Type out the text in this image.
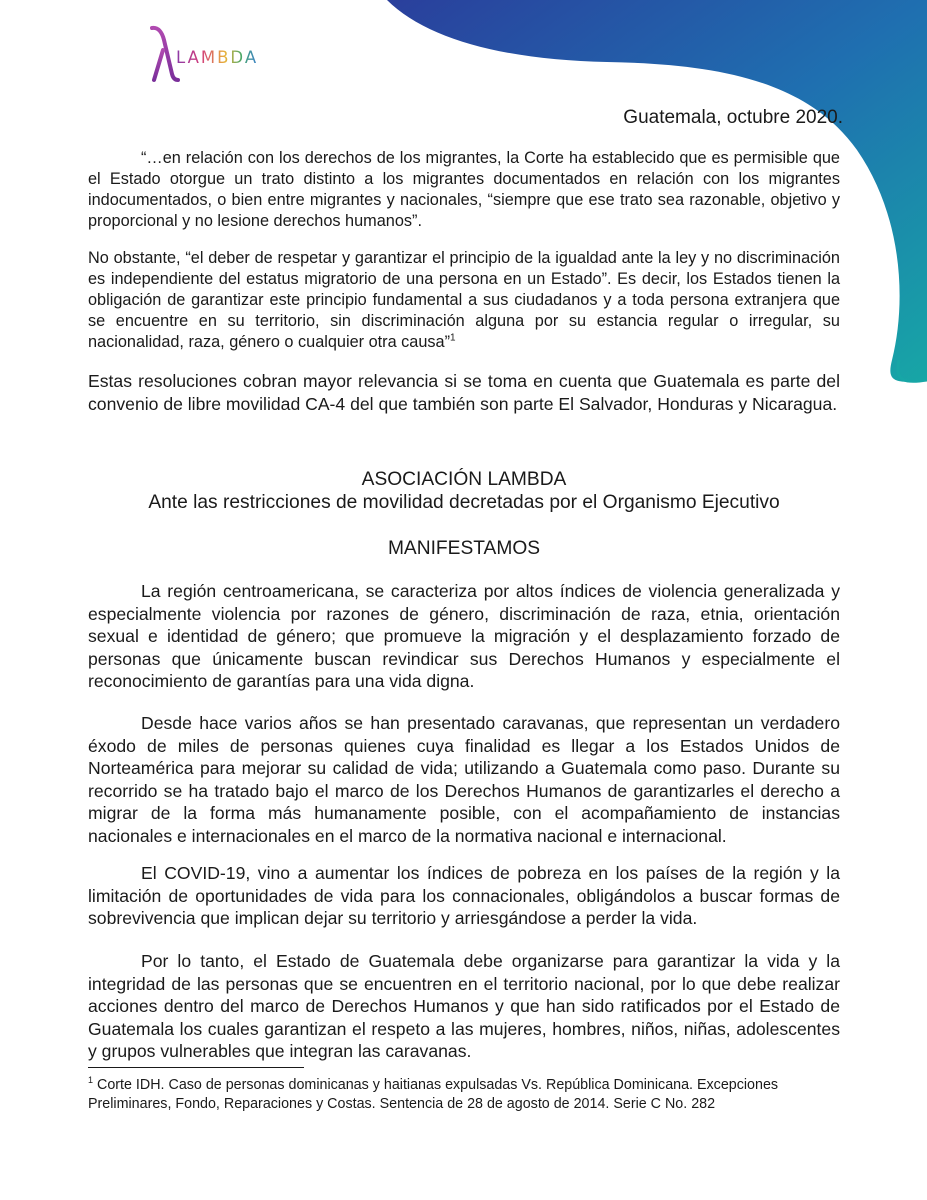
LAMBDA
Guatemala, octubre 2020.

“…en relación con los derechos de los migrantes, la Corte ha establecido que es permisible que el Estado otorgue un trato distinto a los migrantes documentados en relación con los migrantes indocumentados, o bien entre migrantes y nacionales, “siempre que ese trato sea razonable, objetivo y proporcional y no lesione derechos humanos”.

No obstante, “el deber de respetar y garantizar el principio de la igualdad ante la ley y no discriminación es independiente del estatus migratorio de una persona en un Estado”. Es decir, los Estados tienen la obligación de garantizar este principio fundamental a sus ciudadanos y a toda persona extranjera que se encuentre en su territorio, sin discriminación alguna por su estancia regular o irregular, su nacionalidad, raza, género o cualquier otra causa”$^1$

Estas resoluciones cobran mayor relevancia si se toma en cuenta que Guatemala es parte del convenio de libre movilidad CA-4 del que también son parte El Salvador, Honduras y Nicaragua.

ASOCIACIÓN LAMBDA
Ante las restricciones de movilidad decretadas por el Organismo Ejecutivo
MANIFESTAMOS

La región centroamericana, se caracteriza por altos índices de violencia generalizada y especialmente violencia por razones de género, discriminación de raza, etnia, orientación sexual e identidad de género; que promueve la migración y el desplazamiento forzado de personas que únicamente buscan revindicar sus Derechos Humanos y especialmente el reconocimiento de garantías para una vida digna.

Desde hace varios años se han presentado caravanas, que representan un verdadero éxodo de miles de personas quienes cuya finalidad es llegar a los Estados Unidos de Norteamérica para mejorar su calidad de vida; utilizando a Guatemala como paso. Durante su recorrido se ha tratado bajo el marco de los Derechos Humanos de garantizarles el derecho a migrar de la forma más humanamente posible, con el acompañamiento de instancias nacionales e internacionales en el marco de la normativa nacional e internacional.

El COVID-19, vino a aumentar los índices de pobreza en los países de la región y la limitación de oportunidades de vida para los connacionales, obligándolos a buscar formas de sobrevivencia que implican dejar su territorio y arriesgándose a perder la vida.

Por lo tanto, el Estado de Guatemala debe organizarse para garantizar la vida y la integridad de las personas que se encuentren en el territorio nacional, por lo que debe realizar acciones dentro del marco de Derechos Humanos y que han sido ratificados por el Estado de Guatemala los cuales garantizan el respeto a las mujeres, hombres, niños, niñas, adolescentes y grupos vulnerables que integran las caravanas.

$^1$ Corte IDH. Caso de personas dominicanas y haitianas expulsadas Vs. República Dominicana. Excepciones Preliminares, Fondo, Reparaciones y Costas. Sentencia de 28 de agosto de 2014. Serie C No. 282
